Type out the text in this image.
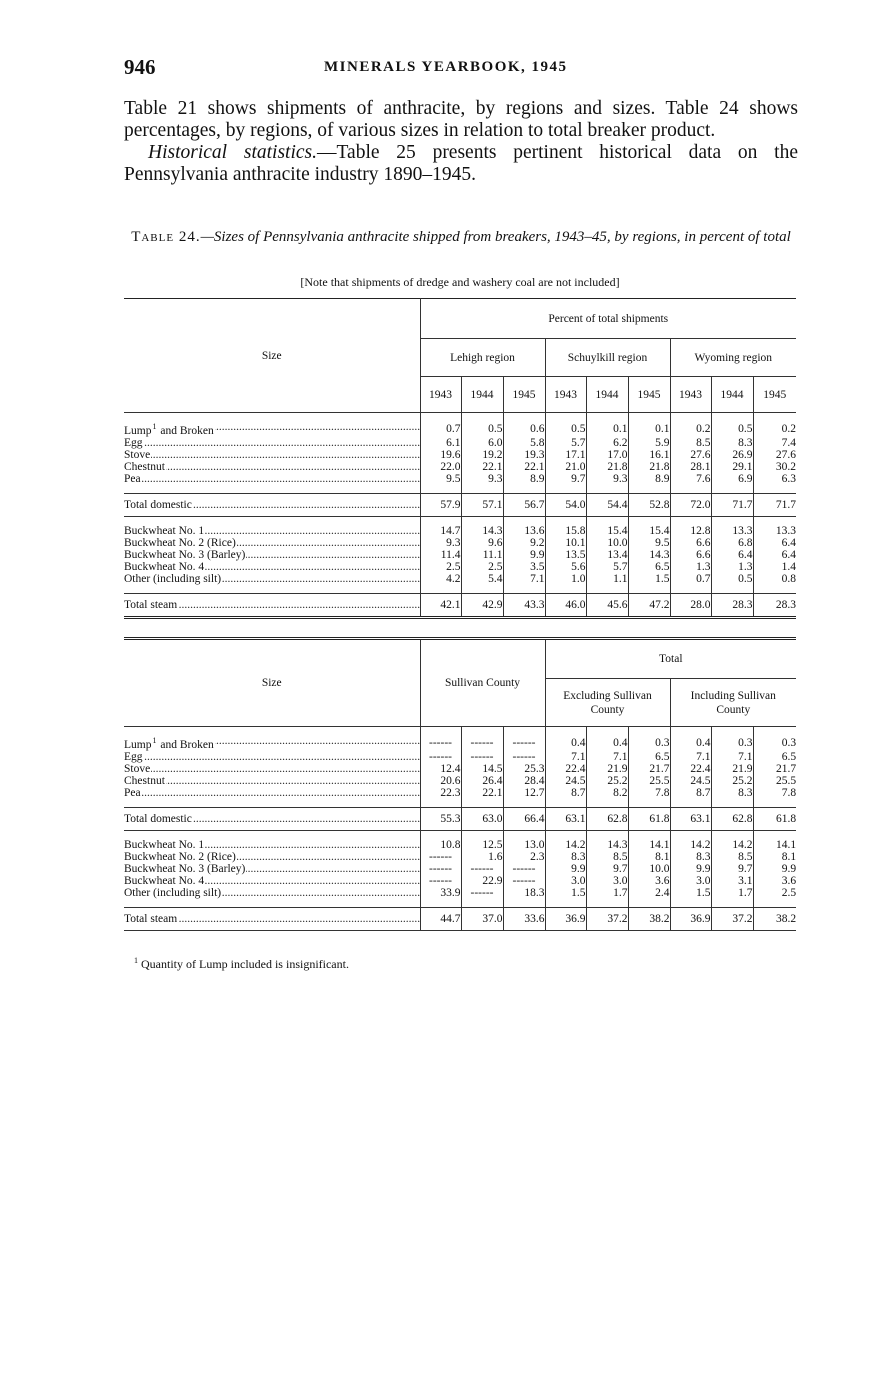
946	MINERALS YEARBOOK, 1945

Table 21 shows shipments of anthracite, by regions and sizes. Table 24 shows percentages, by regions, of various sizes in relation to total breaker product.

Historical statistics.—Table 25 presents pertinent historical data on the Pennsylvania anthracite industry 1890–1945.

Table 24.—Sizes of Pennsylvania anthracite shipped from breakers, 1943–45, by regions, in percent of total
[Note that shipments of dredge and washery coal are not included]
Size	Percent of total shipments								
	Lehigh region			Schuylkill region			Wyoming region		
	1943	1944	1945	1943	1944	1945	1943	1944	1945

Lump$^1$ and Broken .....	0.7	0.5	0.6	0.5	0.1	0.1	0.2	0.5	0.2

Egg .....	6.1	6.0	5.8	5.7	6.2	5.9	8.5	8.3	7.4

Stove .....	19.6	19.2	19.3	17.1	17.0	16.1	27.6	26.9	27.6

Chestnut .....	22.0	22.1	22.1	21.0	21.8	21.8	28.1	29.1	30.2

Pea .....	9.5	9.3	8.9	9.7	9.3	8.9	7.6	6.9	6.3

Total domestic .....	57.9	57.1	56.7	54.0	54.4	52.8	72.0	71.7	71.7

Buckwheat No. 1 .....	14.7	14.3	13.6	15.8	15.4	15.4	12.8	13.3	13.3

Buckwheat No. 2 (Rice) .....	9.3	9.6	9.2	10.1	10.0	9.5	6.6	6.8	6.4

Buckwheat No. 3 (Barley) .....	11.4	11.1	9.9	13.5	13.4	14.3	6.6	6.4	6.4

Buckwheat No. 4 .....	2.5	2.5	3.5	5.6	5.7	6.5	1.3	1.3	1.4

Other (including silt) .....	4.2	5.4	7.1	1.0	1.1	1.5	0.7	0.5	0.8

Total steam .....	42.1	42.9	43.3	46.0	45.6	47.2	28.0	28.3	28.3
Size	Sullivan County			Total					
				Excluding Sullivan County			Including Sullivan County		

Lump$^1$ and Broken .....	------	------	------	0.4	0.4	0.3	0.4	0.3	0.3

Egg .....	------	------	------	7.1	7.1	6.5	7.1	7.1	6.5

Stove .....	12.4	14.5	25.3	22.4	21.9	21.7	22.4	21.9	21.7

Chestnut .....	20.6	26.4	28.4	24.5	25.2	25.5	24.5	25.2	25.5

Pea .....	22.3	22.1	12.7	8.7	8.2	7.8	8.7	8.3	7.8

Total domestic .....	55.3	63.0	66.4	63.1	62.8	61.8	63.1	62.8	61.8

Buckwheat No. 1 .....	10.8	12.5	13.0	14.2	14.3	14.1	14.2	14.2	14.1

Buckwheat No. 2 (Rice) .....	------	1.6	2.3	8.3	8.5	8.1	8.3	8.5	8.1

Buckwheat No. 3 (Barley) .....	------	------	------	9.9	9.7	10.0	9.9	9.7	9.9

Buckwheat No. 4 .....	------	22.9	------	3.0	3.0	3.6	3.0	3.1	3.6

Other (including silt) .....	33.9	------	18.3	1.5	1.7	2.4	1.5	1.7	2.5

Total steam .....	44.7	37.0	33.6	36.9	37.2	38.2	36.9	37.2	38.2
$^1$ Quantity of Lump included is insignificant.
